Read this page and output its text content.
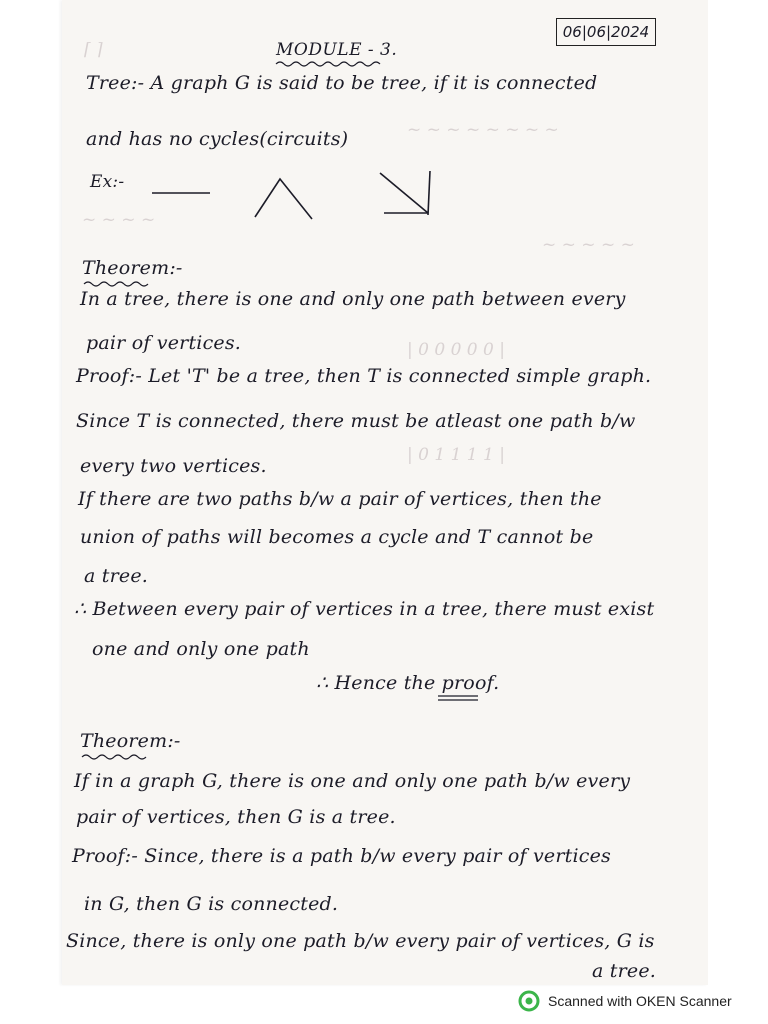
⌈ ⌉
~ ~ ~ ~ ~ ~ ~ ~
~ ~ ~ ~
~ ~ ~ ~ ~
| 0 0 0 0 0 |
| 0 1 1 1 1 |
06|06|2024
MODULE - 3.
Tree:- A graph G is said to be tree, if it is connected
and has no cycles(circuits)
Ex:-
Theorem:-
In a tree, there is one and only one path between every
pair of vertices.
Proof:- Let 'T' be a tree, then T is connected simple graph.
Since T is connected, there must be atleast one path b/w
every two vertices.
If there are two paths b/w a pair of vertices, then the
union of paths will becomes a cycle and T cannot be
a tree.
∴ Between every pair of vertices in a tree, there must exist
one and only one path
∴ Hence the proof.
Theorem:-
If in a graph G, there is one and only one path b/w every
pair of vertices, then G is a tree.
Proof:- Since, there is a path b/w every pair of vertices
in G, then G is connected.
Since, there is only one path b/w every pair of vertices, G is
a tree.
Scanned with OKEN Scanner
